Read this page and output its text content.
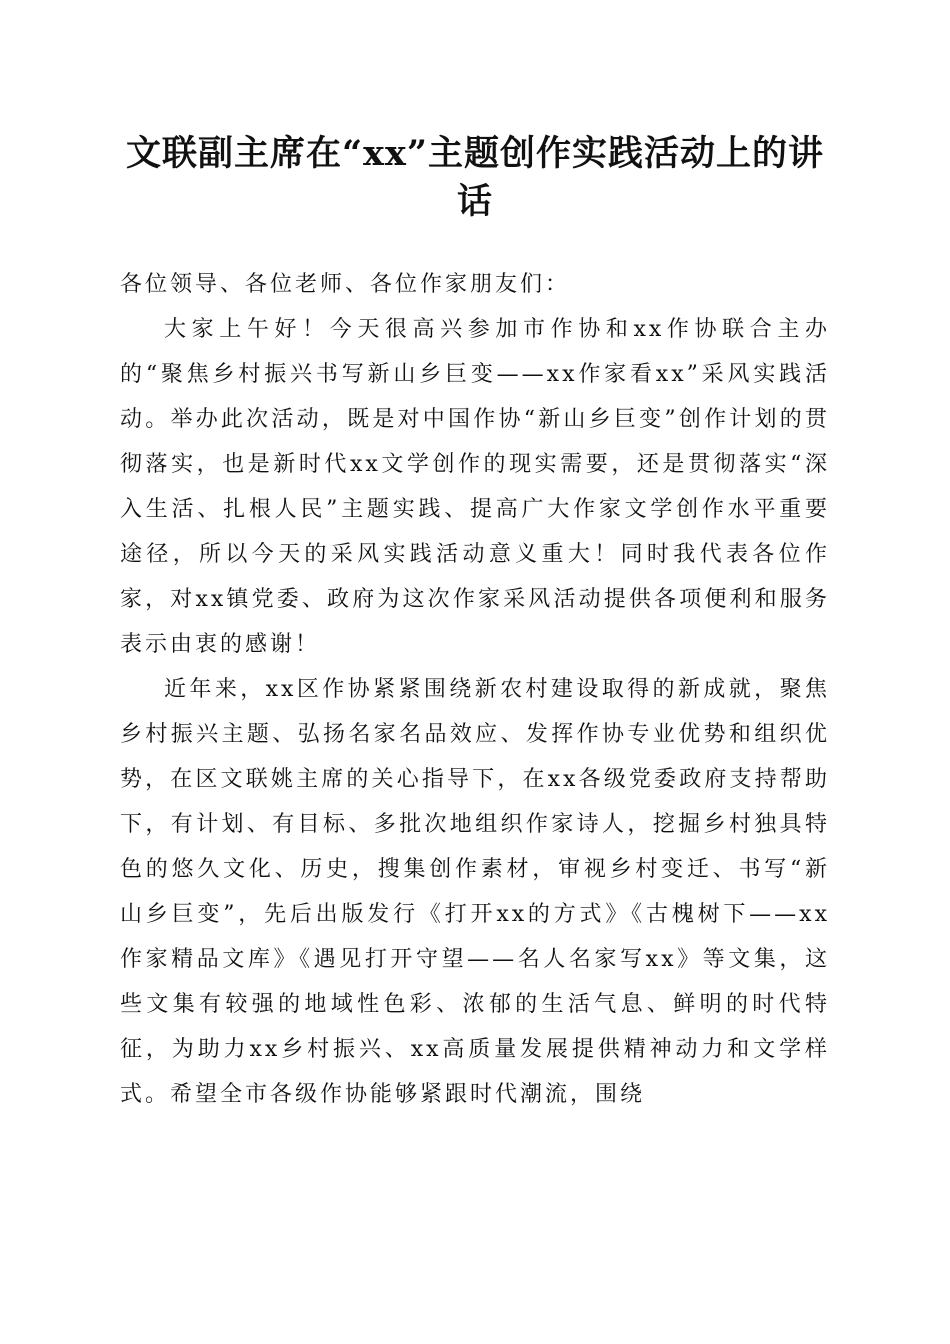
文联副主席在“xx”主题创作实践活动上的讲话

各位领导、各位老师、各位作家朋友们：

大家上午好！今天很高兴参加市作协和xx作协联合主办的“聚焦乡村振兴书写新山乡巨变——xx作家看xx”采风实践活动。举办此次活动，既是对中国作协“新山乡巨变”创作计划的贯彻落实，也是新时代xx文学创作的现实需要，还是贯彻落实“深入生活、扎根人民”主题实践、提高广大作家文学创作水平重要途径，所以今天的采风实践活动意义重大！同时我代表各位作家，对xx镇党委、政府为这次作家采风活动提供各项便利和服务表示由衷的感谢！

近年来，xx区作协紧紧围绕新农村建设取得的新成就，聚焦乡村振兴主题、弘扬名家名品效应、发挥作协专业优势和组织优势，在区文联姚主席的关心指导下，在xx各级党委政府支持帮助下，有计划、有目标、多批次地组织作家诗人，挖掘乡村独具特色的悠久文化、历史，搜集创作素材，审视乡村变迁、书写“新山乡巨变”，先后出版发行《打开xx的方式》《古槐树下——xx作家精品文库》《遇见打开守望——名人名家写xx》等文集，这些文集有较强的地域性色彩、浓郁的生活气息、鲜明的时代特征，为助力xx乡村振兴、xx高质量发展提供精神动力和文学样式。希望全市各级作协能够紧跟时代潮流，围绕
